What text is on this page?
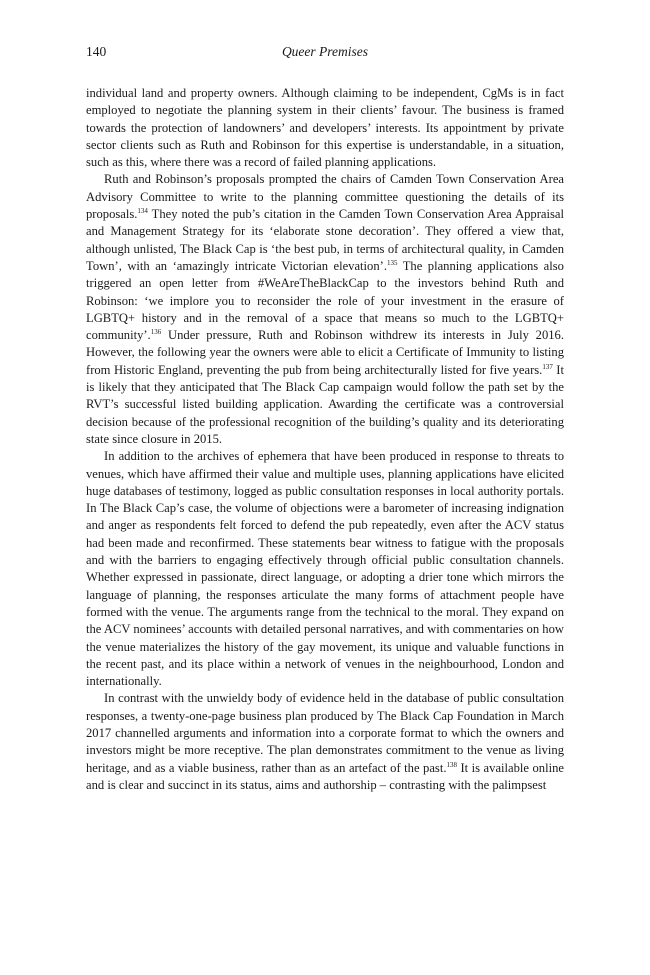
140	Queer Premises

individual land and property owners. Although claiming to be independent, CgMs is in fact employed to negotiate the planning system in their clients’ favour. The business is framed towards the protection of landowners’ and developers’ interests. Its appointment by private sector clients such as Ruth and Robinson for this expertise is understandable, in a situation, such as this, where there was a record of failed planning applications.

Ruth and Robinson’s proposals prompted the chairs of Camden Town Conservation Area Advisory Committee to write to the planning committee questioning the details of its proposals.$^{134}$ They noted the pub’s citation in the Camden Town Conservation Area Appraisal and Management Strategy for its ‘elaborate stone decoration’. They offered a view that, although unlisted, The Black Cap is ‘the best pub, in terms of architectural quality, in Camden Town’, with an ‘amazingly intricate Victorian elevation’.$^{135}$ The planning applications also triggered an open letter from #WeAreTheBlackCap to the investors behind Ruth and Robinson: ‘we implore you to reconsider the role of your investment in the erasure of LGBTQ+ history and in the removal of a space that means so much to the LGBTQ+ community’.$^{136}$ Under pressure, Ruth and Robinson withdrew its interests in July 2016. However, the following year the owners were able to elicit a Certificate of Immunity to listing from Historic England, preventing the pub from being architecturally listed for five years.$^{137}$ It is likely that they anticipated that The Black Cap campaign would follow the path set by the RVT’s successful listed building application. Awarding the certificate was a controversial decision because of the professional recognition of the building’s quality and its deteriorating state since closure in 2015.

In addition to the archives of ephemera that have been produced in response to threats to venues, which have affirmed their value and multiple uses, planning applications have elicited huge databases of testimony, logged as public consultation responses in local authority portals. In The Black Cap’s case, the volume of objections were a barometer of increasing indignation and anger as respondents felt forced to defend the pub repeatedly, even after the ACV status had been made and reconfirmed. These statements bear witness to fatigue with the proposals and with the barriers to engaging effectively through official public consultation channels. Whether expressed in passionate, direct language, or adopting a drier tone which mirrors the language of planning, the responses articulate the many forms of attachment people have formed with the venue. The arguments range from the technical to the moral. They expand on the ACV nominees’ accounts with detailed personal narratives, and with commentaries on how the venue materializes the history of the gay movement, its unique and valuable functions in the recent past, and its place within a network of venues in the neighbourhood, London and internationally.

In contrast with the unwieldy body of evidence held in the database of public consultation responses, a twenty-one-page business plan produced by The Black Cap Foundation in March 2017 channelled arguments and information into a corporate format to which the owners and investors might be more receptive. The plan demonstrates commitment to the venue as living heritage, and as a viable business, rather than as an artefact of the past.$^{138}$ It is available online and is clear and succinct in its status, aims and authorship – contrasting with the palimpsest
